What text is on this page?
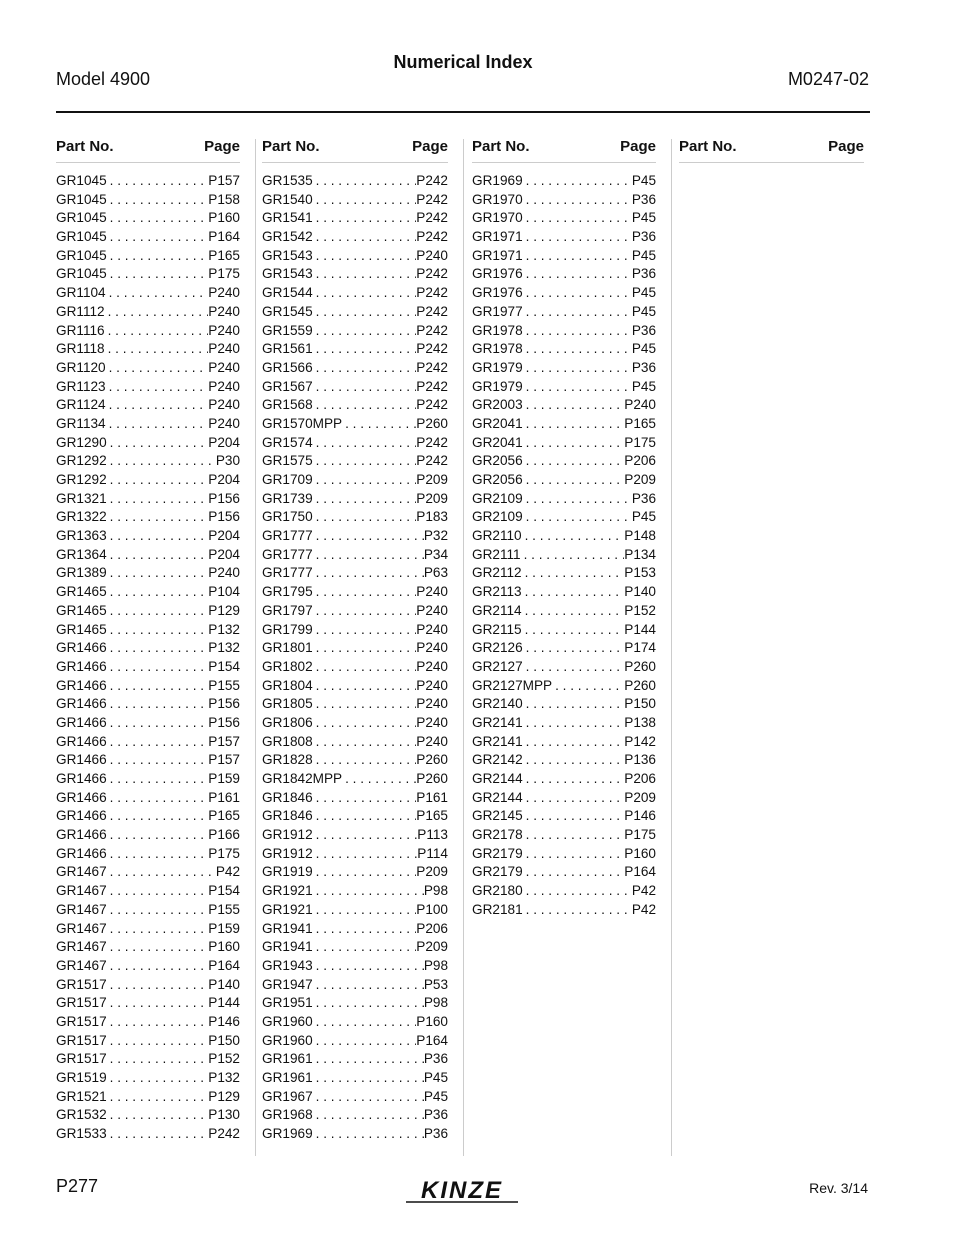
Numerical Index
Model 4900	M0247-02
Part No.	Page
GR1045 . . .	P157
GR1045 . . .	P158
GR1045 . . .	P160
GR1045 . . .	P164
GR1045 . . .	P165
GR1045 . . .	P175
GR1104 . . .	P240
GR1112 . . .	P240
GR1116 . . .	P240
GR1118 . . .	P240
GR1120 . . .	P240
GR1123 . . .	P240
GR1124 . . .	P240
GR1134 . . .	P240
GR1290 . . .	P204
GR1292 . . .	P30
GR1292 . . .	P204
GR1321 . . .	P156
GR1322 . . .	P156
GR1363 . . .	P204
GR1364 . . .	P204
GR1389 . . .	P240
GR1465 . . .	P104
GR1465 . . .	P129
GR1465 . . .	P132
GR1466 . . .	P132
GR1466 . . .	P154
GR1466 . . .	P155
GR1466 . . .	P156
GR1466 . . .	P156
GR1466 . . .	P157
GR1466 . . .	P157
GR1466 . . .	P159
GR1466 . . .	P161
GR1466 . . .	P165
GR1466 . . .	P166
GR1466 . . .	P175
GR1467 . . .	P42
GR1467 . . .	P154
GR1467 . . .	P155
GR1467 . . .	P159
GR1467 . . .	P160
GR1467 . . .	P164
GR1517 . . .	P140
GR1517 . . .	P144
GR1517 . . .	P146
GR1517 . . .	P150
GR1517 . . .	P152
GR1519 . . .	P132
GR1521 . . .	P129
GR1532 . . .	P130
GR1533 . . .	P242
Part No.	Page
GR1535 . . .	P242
GR1540 . . .	P242
GR1541 . . .	P242
GR1542 . . .	P242
GR1543 . . .	P240
GR1543 . . .	P242
GR1544 . . .	P242
GR1545 . . .	P242
GR1559 . . .	P242
GR1561 . . .	P242
GR1566 . . .	P242
GR1567 . . .	P242
GR1568 . . .	P242
GR1570MPP . . .	P260
GR1574 . . .	P242
GR1575 . . .	P242
GR1709 . . .	P209
GR1739 . . .	P209
GR1750 . . .	P183
GR1777 . . .	P32
GR1777 . . .	P34
GR1777 . . .	P63
GR1795 . . .	P240
GR1797 . . .	P240
GR1799 . . .	P240
GR1801 . . .	P240
GR1802 . . .	P240
GR1804 . . .	P240
GR1805 . . .	P240
GR1806 . . .	P240
GR1808 . . .	P240
GR1828 . . .	P260
GR1842MPP . . .	P260
GR1846 . . .	P161
GR1846 . . .	P165
GR1912 . . .	P113
GR1912 . . .	P114
GR1919 . . .	P209
GR1921 . . .	P98
GR1921 . . .	P100
GR1941 . . .	P206
GR1941 . . .	P209
GR1943 . . .	P98
GR1947 . . .	P53
GR1951 . . .	P98
GR1960 . . .	P160
GR1960 . . .	P164
GR1961 . . .	P36
GR1961 . . .	P45
GR1967 . . .	P45
GR1968 . . .	P36
GR1969 . . .	P36
Part No.	Page
GR1969 . . .	P45
GR1970 . . .	P36
GR1970 . . .	P45
GR1971 . . .	P36
GR1971 . . .	P45
GR1976 . . .	P36
GR1976 . . .	P45
GR1977 . . .	P45
GR1978 . . .	P36
GR1978 . . .	P45
GR1979 . . .	P36
GR1979 . . .	P45
GR2003 . . .	P240
GR2041 . . .	P165
GR2041 . . .	P175
GR2056 . . .	P206
GR2056 . . .	P209
GR2109 . . .	P36
GR2109 . . .	P45
GR2110 . . .	P148
GR2111 . . .	P134
GR2112 . . .	P153
GR2113 . . .	P140
GR2114 . . .	P152
GR2115 . . .	P144
GR2126 . . .	P174
GR2127 . . .	P260
GR2127MPP . . .	P260
GR2140 . . .	P150
GR2141 . . .	P138
GR2141 . . .	P142
GR2142 . . .	P136
GR2144 . . .	P206
GR2144 . . .	P209
GR2145 . . .	P146
GR2178 . . .	P175
GR2179 . . .	P160
GR2179 . . .	P164
GR2180 . . .	P42
GR2181 . . .	P42
Part No.	Page
P277	KINZE	Rev. 3/14
